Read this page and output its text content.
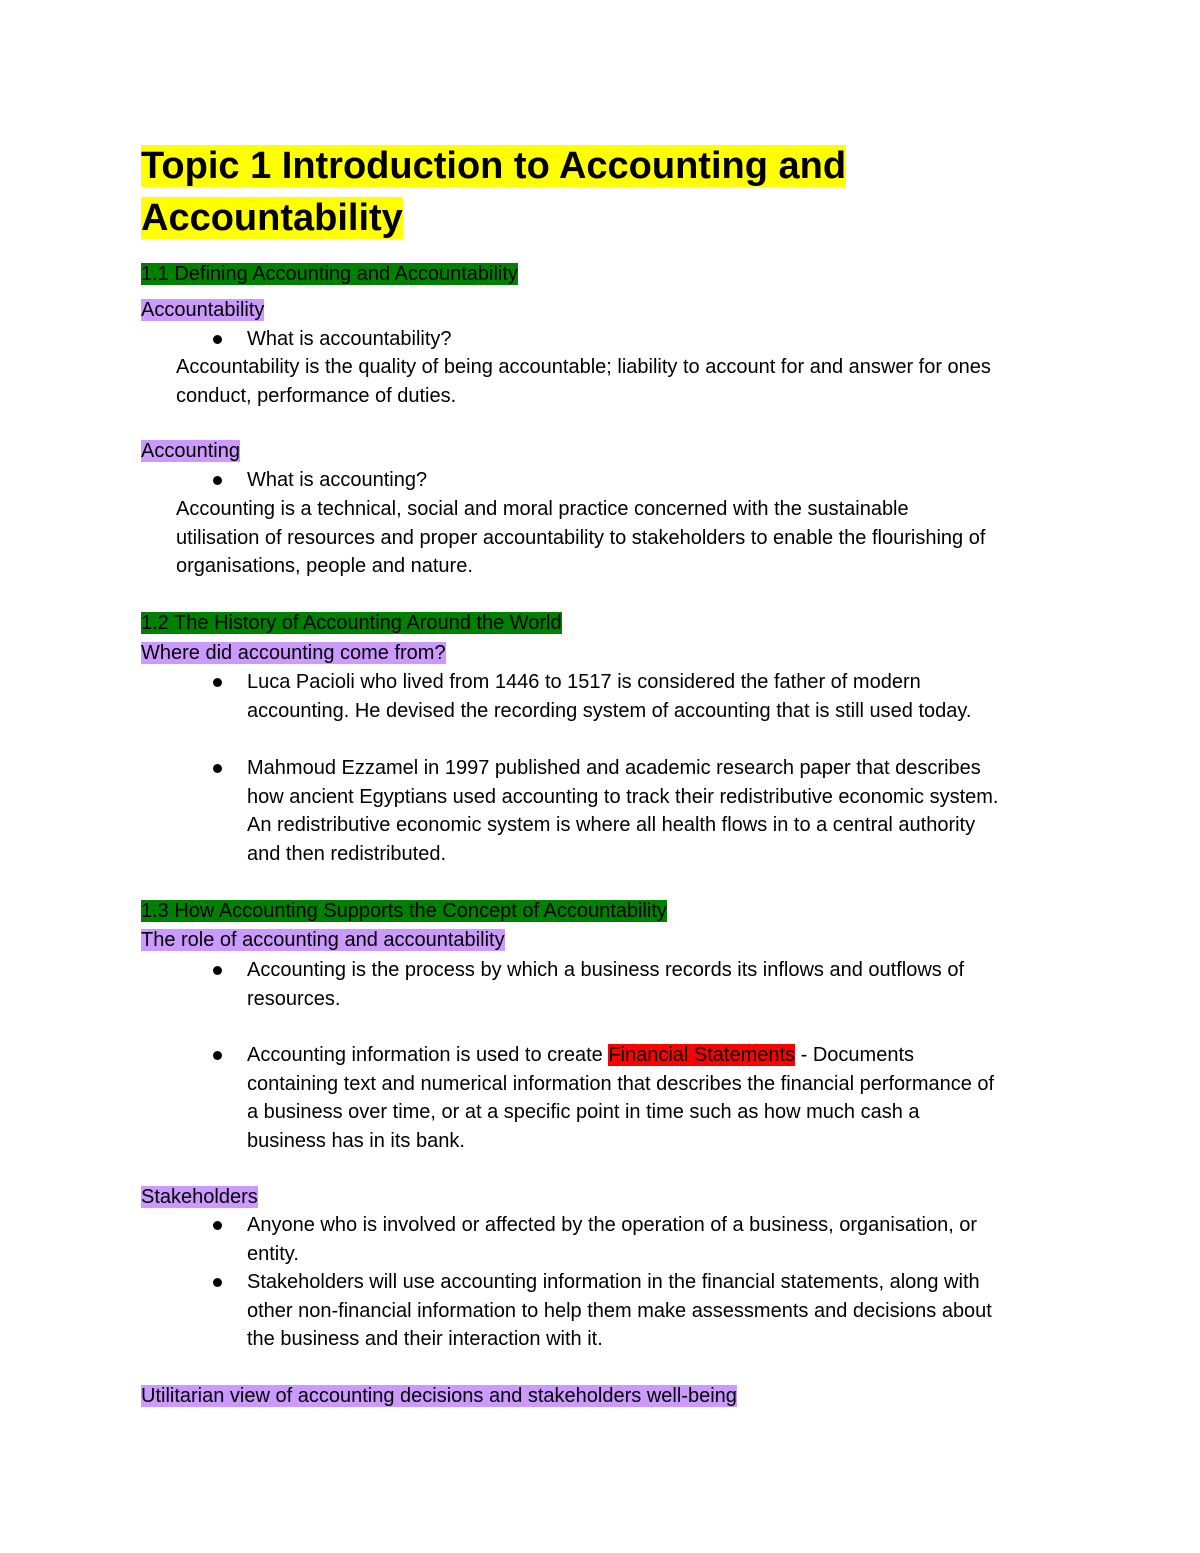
Topic 1 Introduction to Accounting and
Accountability
1.1 Defining Accounting and Accountability
Accountability
What is accountability?
Accountability is the quality of being accountable; liability to account for and answer for ones
conduct, performance of duties.
Accounting
What is accounting?
Accounting is a technical, social and moral practice concerned with the sustainable
utilisation of resources and proper accountability to stakeholders to enable the flourishing of
organisations, people and nature.
1.2 The History of Accounting Around the World
Where did accounting come from?
Luca Pacioli who lived from 1446 to 1517 is considered the father of modern
accounting. He devised the recording system of accounting that is still used today.
Mahmoud Ezzamel in 1997 published and academic research paper that describes
how ancient Egyptians used accounting to track their redistributive economic system.
An redistributive economic system is where all health flows in to a central authority
and then redistributed.
1.3 How Accounting Supports the Concept of Accountability
The role of accounting and accountability
Accounting is the process by which a business records its inflows and outflows of
resources.
Accounting information is used to create Financial Statements - Documents
containing text and numerical information that describes the financial performance of
a business over time, or at a specific point in time such as how much cash a
business has in its bank.
Stakeholders
Anyone who is involved or affected by the operation of a business, organisation, or
entity.
Stakeholders will use accounting information in the financial statements, along with
other non-financial information to help them make assessments and decisions about
the business and their interaction with it.
Utilitarian view of accounting decisions and stakeholders well-being
